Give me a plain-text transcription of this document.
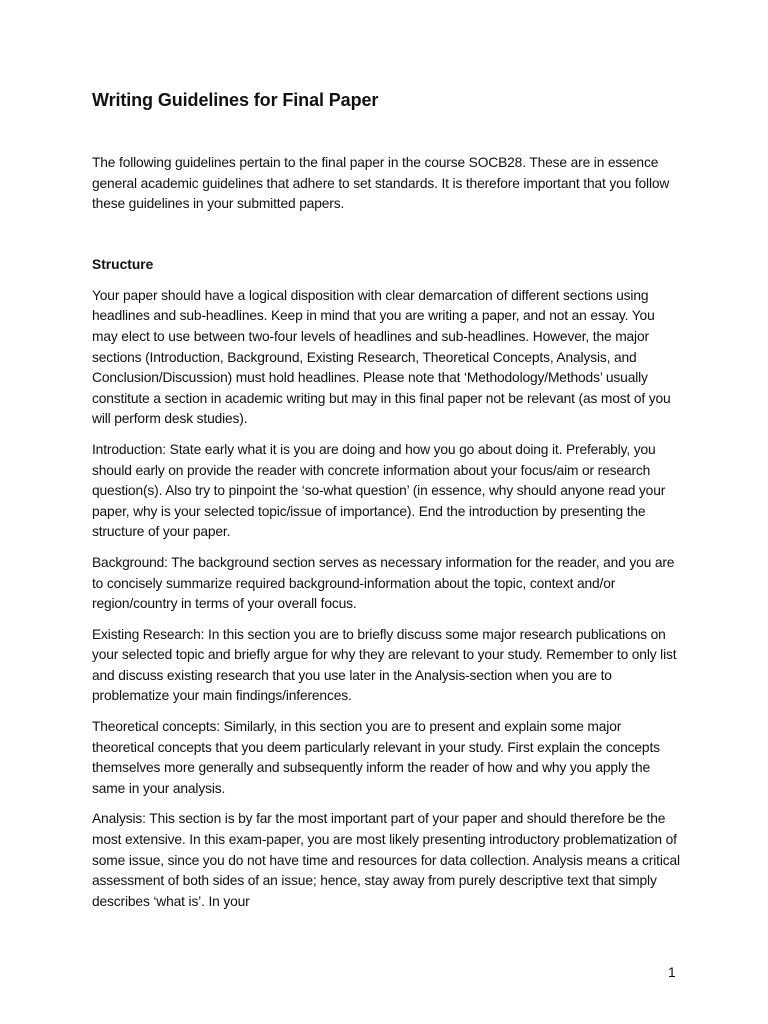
Writing Guidelines for Final Paper

The following guidelines pertain to the final paper in the course SOCB28. These are in essence general academic guidelines that adhere to set standards. It is therefore important that you follow these guidelines in your submitted papers.

Structure

Your paper should have a logical disposition with clear demarcation of different sections using headlines and sub-headlines. Keep in mind that you are writing a paper, and not an essay. You may elect to use between two-four levels of headlines and sub-headlines. However, the major sections (Introduction, Background, Existing Research, Theoretical Concepts, Analysis, and Conclusion/Discussion) must hold headlines. Please note that ‘Methodology/Methods’ usually constitute a section in academic writing but may in this final paper not be relevant (as most of you will perform desk studies).

Introduction: State early what it is you are doing and how you go about doing it. Preferably, you should early on provide the reader with concrete information about your focus/aim or research question(s). Also try to pinpoint the ‘so-what question’ (in essence, why should anyone read your paper, why is your selected topic/issue of importance). End the introduction by presenting the structure of your paper.

Background: The background section serves as necessary information for the reader, and you are to concisely summarize required background-information about the topic, context and/or region/country in terms of your overall focus.

Existing Research: In this section you are to briefly discuss some major research publications on your selected topic and briefly argue for why they are relevant to your study. Remember to only list and discuss existing research that you use later in the Analysis-section when you are to problematize your main findings/inferences.

Theoretical concepts: Similarly, in this section you are to present and explain some major theoretical concepts that you deem particularly relevant in your study. First explain the concepts themselves more generally and subsequently inform the reader of how and why you apply the same in your analysis.

Analysis: This section is by far the most important part of your paper and should therefore be the most extensive. In this exam-paper, you are most likely presenting introductory problematization of some issue, since you do not have time and resources for data collection. Analysis means a critical assessment of both sides of an issue; hence, stay away from purely descriptive text that simply describes ‘what is’. In your

1
